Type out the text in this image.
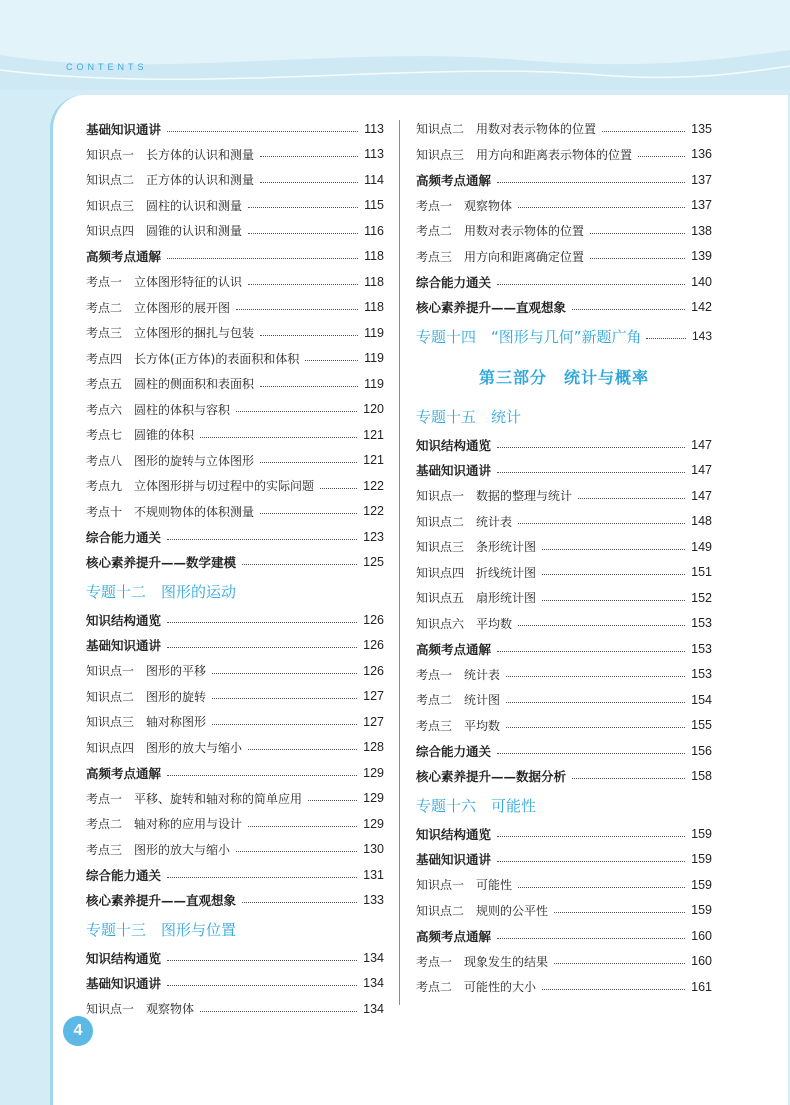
CONTENTS
基础知识通讲	113
知识点一　长方体的认识和测量	113
知识点二　正方体的认识和测量	114
知识点三　圆柱的认识和测量	115
知识点四　圆锥的认识和测量	116
高频考点通解	118
考点一　立体图形特征的认识	118
考点二　立体图形的展开图	118
考点三　立体图形的捆扎与包装	119
考点四　长方体(正方体)的表面积和体积	119
考点五　圆柱的侧面积和表面积	119
考点六　圆柱的体积与容积	120
考点七　圆锥的体积	121
考点八　图形的旋转与立体图形	121
考点九　立体图形拼与切过程中的实际问题	122
考点十　不规则物体的体积测量	122
综合能力通关	123
核心素养提升——数学建模	125
专题十二　图形的运动
知识结构通览	126
基础知识通讲	126
知识点一　图形的平移	126
知识点二　图形的旋转	127
知识点三　轴对称图形	127
知识点四　图形的放大与缩小	128
高频考点通解	129
考点一　平移、旋转和轴对称的简单应用	129
考点二　轴对称的应用与设计	129
考点三　图形的放大与缩小	130
综合能力通关	131
核心素养提升——直观想象	133
专题十三　图形与位置
知识结构通览	134
基础知识通讲	134
知识点一　观察物体	134
知识点二　用数对表示物体的位置	135
知识点三　用方向和距离表示物体的位置	136
高频考点通解	137
考点一　观察物体	137
考点二　用数对表示物体的位置	138
考点三　用方向和距离确定位置	139
综合能力通关	140
核心素养提升——直观想象	142
专题十四　“图形与几何”新题广角	143
第三部分　统计与概率
专题十五　统计
知识结构通览	147
基础知识通讲	147
知识点一　数据的整理与统计	147
知识点二　统计表	148
知识点三　条形统计图	149
知识点四　折线统计图	151
知识点五　扇形统计图	152
知识点六　平均数	153
高频考点通解	153
考点一　统计表	153
考点二　统计图	154
考点三　平均数	155
综合能力通关	156
核心素养提升——数据分析	158
专题十六　可能性
知识结构通览	159
基础知识通讲	159
知识点一　可能性	159
知识点二　规则的公平性	159
高频考点通解	160
考点一　现象发生的结果	160
考点二　可能性的大小	161
4
